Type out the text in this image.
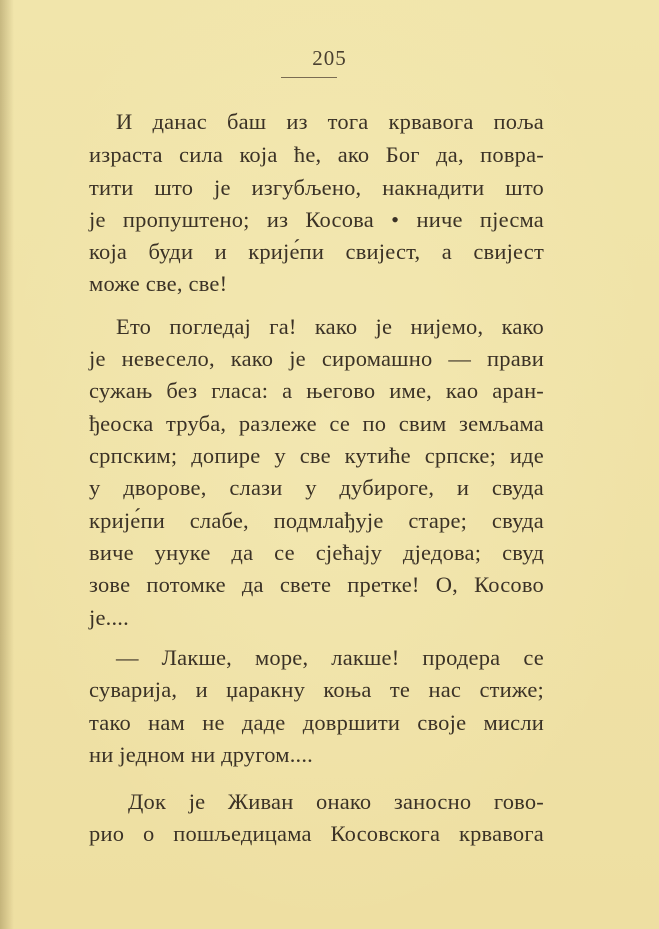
205
И данас баш из тога крвавога поља
израста сила која ће, ако Бог да, поврa-
тити што је изгубљено, накнадити што
је пропуштено; из Косова • ниче пјесма
која буди и крије́пи свијест, а свијест
може све, све!
Ето погледај га! како је нијемо, како
је невесело, како је сиромашно — прави
сужањ без гласа: а његово име, као аран-
ђеоска труба, разлеже се по свим земљама
српским; допире у све кутиће српске; иде
у дворове, слази у дубироге, и свуда
крије́пи слабе, подмлађује старе; свуда
виче унуке да се сјећају дједова; свуд
зове потомке да свете претке! О, Косово
је....
— Лакше, море, лакше! продера се
суварија, и џаракну коња те нас стиже;
тако нам не даде довршити своје мисли
ни једном ни другом....
Док је Живан онако заносно гово-
рио о пошљедицама Косовскога крвавога
